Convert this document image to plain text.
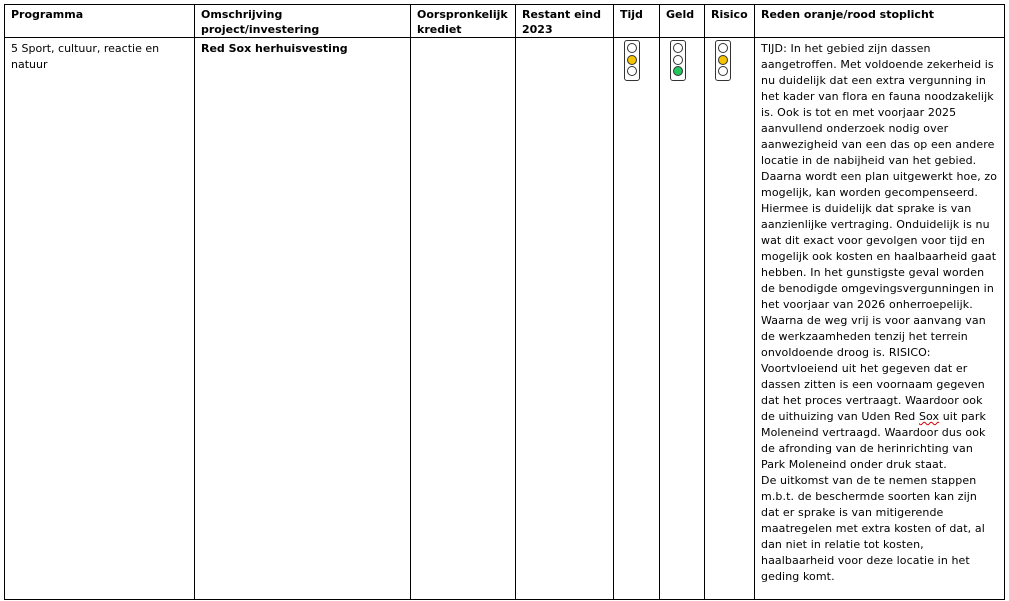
Programma	Omschrijving project/investering	Oorspronkelijk krediet	Restant eind 2023	Tijd	Geld	Risico	Reden oranje/rood stoplicht
5 Sport, cultuur, reactie en natuur	Red Sox herhuisvesting						TIJD: In het gebied zijn dassen aangetroffen. Met voldoende zekerheid is nu duidelijk dat een extra vergunning in het kader van flora en fauna noodzakelijk is. Ook is tot en met voorjaar 2025 aanvullend onderzoek nodig over aanwezigheid van een das op een andere locatie in de nabijheid van het gebied. Daarna wordt een plan uitgewerkt hoe, zo mogelijk, kan worden gecompenseerd. Hiermee is duidelijk dat sprake is van aanzienlijke vertraging. Onduidelijk is nu wat dit exact voor gevolgen voor tijd en mogelijk ook kosten en haalbaarheid gaat hebben. In het gunstigste geval worden de benodigde omgevingsvergunningen in het voorjaar van 2026 onherroepelijk. Waarna de weg vrij is voor aanvang van de werkzaamheden tenzij het terrein onvoldoende droog is. RISICO: Voortvloeiend uit het gegeven dat er dassen zitten is een voornaam gegeven dat het proces vertraagt. Waardoor ook de uithuizing van Uden Red Sox uit park Moleneind vertraagd. Waardoor dus ook de afronding van de herinrichting van Park Moleneind onder druk staat.
De uitkomst van de te nemen stappen m.b.t. de beschermde soorten kan zijn dat er sprake is van mitigerende maatregelen met extra kosten of dat, al dan niet in relatie tot kosten, haalbaarheid voor deze locatie in het geding komt.
